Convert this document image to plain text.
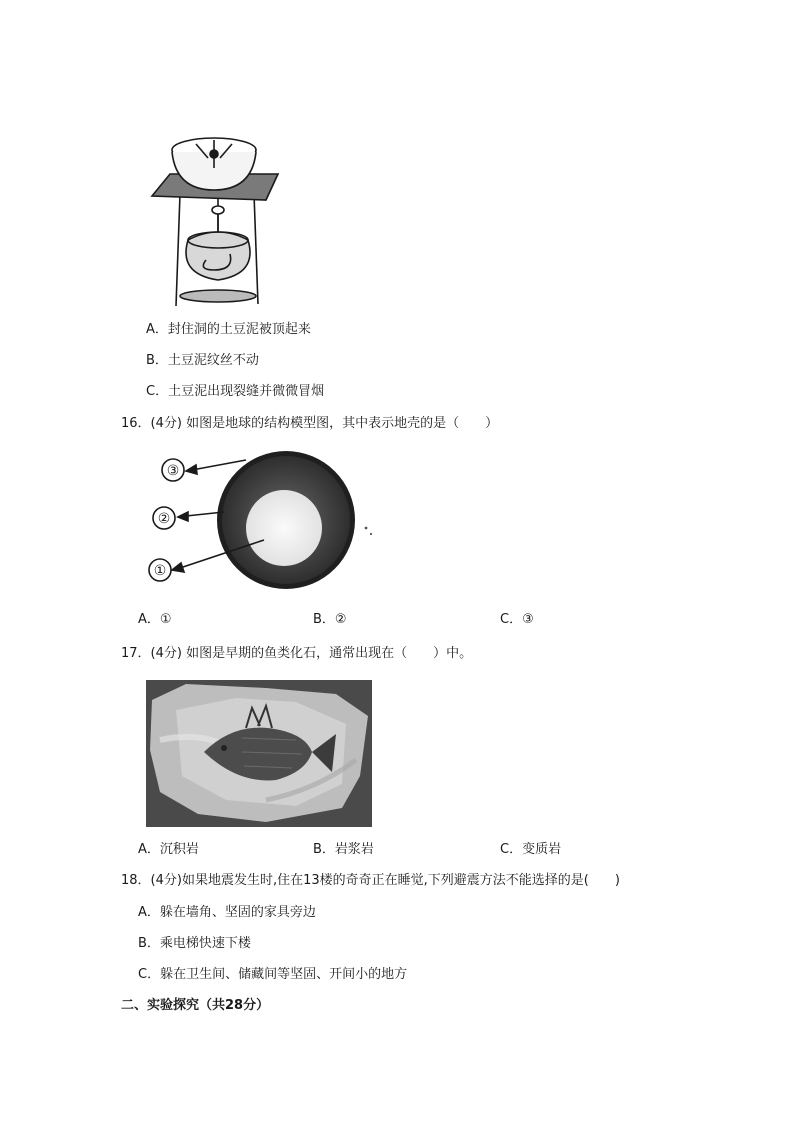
A．封住洞的土豆泥被顶起来
B．土豆泥纹丝不动
C．土豆泥出现裂缝并微微冒烟
16．(4分) 如图是地球的结构模型图，其中表示地壳的是（　　）
③
②
①
A．①	B．②	C．③
17．(4分) 如图是早期的鱼类化石，通常出现在（　　）中。
A．沉积岩	B．岩浆岩	C．变质岩
18．(4分)如果地震发生时,住在13楼的奇奇正在睡觉,下列避震方法不能选择的是(　　)
A．躲在墙角、坚固的家具旁边
B．乘电梯快速下楼
C．躲在卫生间、储藏间等坚固、开间小的地方
二、实验探究（共28分）
